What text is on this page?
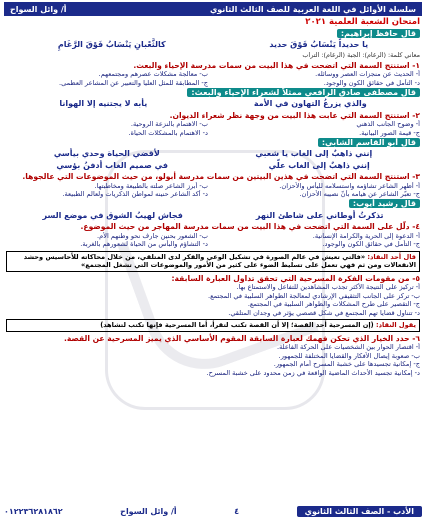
سلسلة الأوائل في اللغة العربية للصف الثالث الثانوي
أ/ وائل السواح
امتحان الشعبة العلمية ٢٠٢١
قال حافظ إبراهيم:
يا حديداً يَنْسَابُ فَوْقَ حديد
كالثَّعْبانِ يَنْسَابُ فَوْقَ الرَّغَامِ
معاني كلمة: (الرغام): الجبة (الرغام): التراب
١- استنتج السمة التي اتضحت في هذا البيت من سمات مدرسة الإحياء والبعث.
أ- الحديث عن منجزات العصر ووسائله.
ب- معالجة مشكلات عصرهم ومجتمعهم.
د- التأمل في حقائق الكون والوجود.
ج- المطابقة للمثل العليا والتعبير عن المشاعر العظمى.
قال مصطفى صادق الرافعي ممثلاً لشعراء الإحياء والبعث:
والذي يزرعُ التهاون في الأمة
يأبه لا يجتنيه إلا الهوانا
٢- استنتج السمة التي عابت هذا البيت من وجهة نظر شعراء الديوان.
أ- وضوح الجانب الذهني
ب- الاهتمام بالنزعة الروحية.
ج- قيمة الصور البيانية.
د- الاهتمام بالمشكلات الحياة.
قال أبو القاسم الشابي:
إنني ذاهبٌ إلى الغاب يا شعبي
لأقضي الحياة وحدي بيأسي
إنني ذاهبٌ إلى الغاب علّي
في صميم الغاب أدفنُ بؤسي
٣- استنتج السمة التي اتضحت في هذين البيتين من سمات مدرسة أبولو، من حيث الموضوعات التي عالجوها.
أ- أظهر الشاعر تشاؤمه واستسلامه لليأس والأحزان.
ب- أبرز الشاعر صلته بالطبيعة ومخاطبتها.
ج- تعبّر الشاعر عن هيامه بأنّ نصيبه الأحزان.
د- أكد الشاعر حنينه لمواطن الذكريات ولعالم الطبيعة.
قال رشيد أيوب:
تذكرتُ أوطاني على شاطئ النهر
فجاش لهيبُ الشوق في موضع السر
٤- دلّل على السمة التي اتضحت في هذا البيت من سمات مدرسة المهاجر من حيث الموضوع.
أ- الدعوة إلى الحرية والكرامة الإنسانية.
ب- الشعور بحنين جارف نحو وطنهم الأم.
ج- التأمل في حقائق الكون والوجود.
د- التشاؤم والبأس من الحياة لشعورهم بالغربة.
قال أحد النقاد: «فالتي تعيش في عالم الصورة في تشكيل الوعي والفكر لدى المتلقي، من خلال محاكاته للأحاسيس وحشد الانفعالات ومن ثم فهي تعمل على تسليط الضوء على كثير من الأمور والموضوعات التي تشغل المجتمع»
٥- من مقومات الفكرة المسرحية التي تحقق تداول العبارة السابقة:
أ- تركيز على النتيجة الأكثر تجذب المشاهدين للتفاعل والاستمتاع بها.
ب- تركز على الجانب التثقيفي الإرشادي لمعالجة الظواهر السلبية في المجتمع.
ج- التقصير على طرح المشكلات والظواهر السلبية في المجتمع.
د- تتناول قضايا تهم المجتمع في شكل قصصي يؤثر في وجدان المتلقي.
يقول النقاد: (إن المسرحية أحد القصة؛ إلا أن القصة تكتب لتقرأ، أما المسرحية فإنها تكتب لتشاهد)
٦- حدد الخيار الذي تحكن فهمك لعبارة السابقة المقوم الأساسي الذي يميز المسرحية عن القصة.
أ- اقتصار الحوار بين الشخصيات على الحركة الفاعلة.
ب- صعوبة إيصال الأفكار والقضايا المختلفة للجمهور.
ج- إمكانية تجسيدها على خشبة المسرح أمام الجمهور.
د- إمكانية تجسيد الأحداث الماضية الواقعة في زمن محدود على خشبة المسرح.
الأدب - الصف الثالث الثانوي
٤
أ/ وائل السواح
٠١٢٢٣٦٢٨١٨٦٢
